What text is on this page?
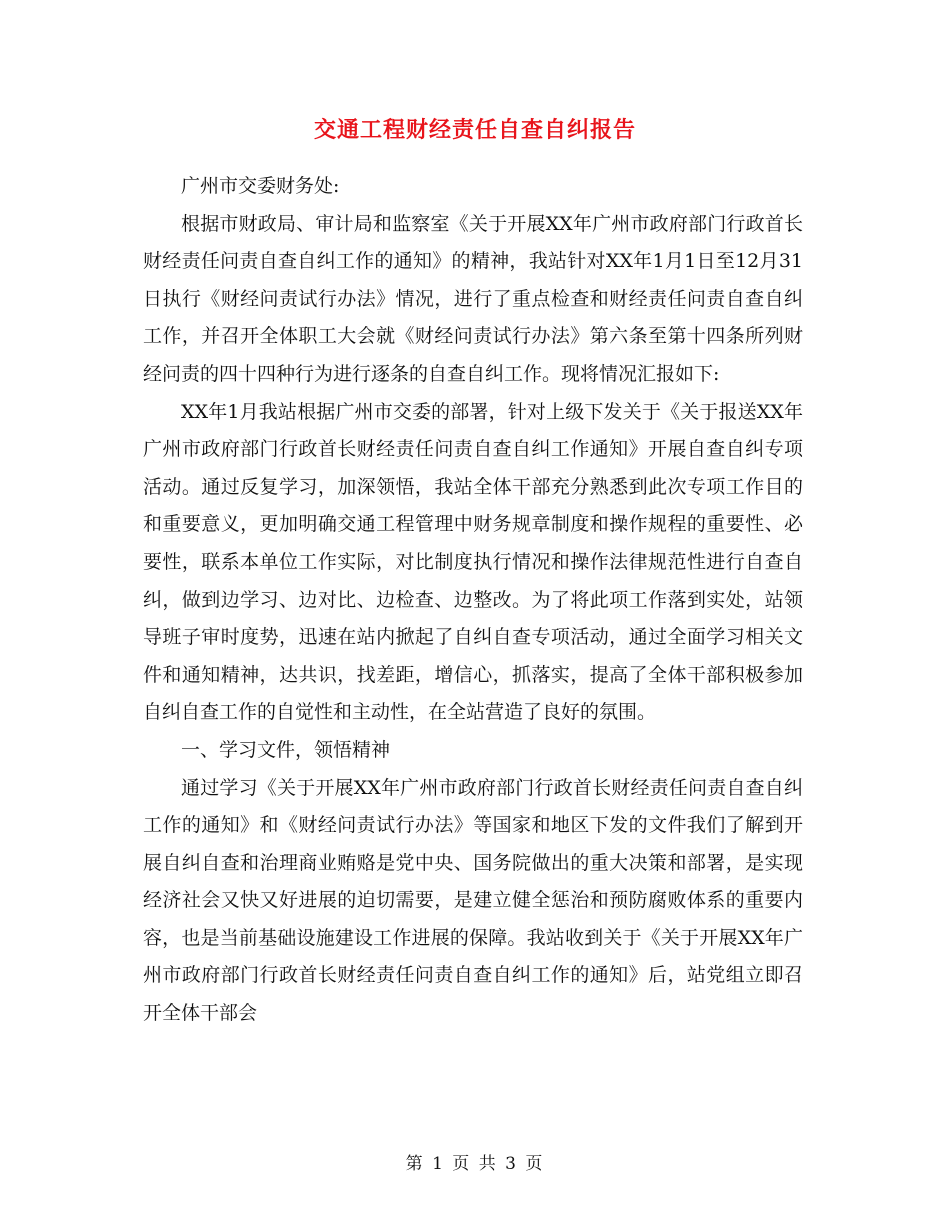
交通工程财经责任自查自纠报告

广州市交委财务处:

根据市财政局、审计局和监察室《关于开展XX年广州市政府部门行政首长财经责任问责自查自纠工作的通知》的精神，我站针对XX年1月1日至12月31日执行《财经问责试行办法》情况，进行了重点检查和财经责任问责自查自纠工作，并召开全体职工大会就《财经问责试行办法》第六条至第十四条所列财经问责的四十四种行为进行逐条的自查自纠工作。现将情况汇报如下:

XX年1月我站根据广州市交委的部署，针对上级下发关于《关于报送XX年广州市政府部门行政首长财经责任问责自查自纠工作通知》开展自查自纠专项活动。通过反复学习，加深领悟，我站全体干部充分熟悉到此次专项工作目的和重要意义，更加明确交通工程管理中财务规章制度和操作规程的重要性、必要性，联系本单位工作实际，对比制度执行情况和操作法律规范性进行自查自纠，做到边学习、边对比、边检查、边整改。为了将此项工作落到实处，站领导班子审时度势，迅速在站内掀起了自纠自查专项活动，通过全面学习相关文件和通知精神，达共识，找差距，增信心，抓落实，提高了全体干部积极参加自纠自查工作的自觉性和主动性，在全站营造了良好的氛围。

一、学习文件，领悟精神

通过学习《关于开展XX年广州市政府部门行政首长财经责任问责自查自纠工作的通知》和《财经问责试行办法》等国家和地区下发的文件我们了解到开展自纠自查和治理商业贿赂是党中央、国务院做出的重大决策和部署，是实现经济社会又快又好进展的迫切需要，是建立健全惩治和预防腐败体系的重要内容，也是当前基础设施建设工作进展的保障。我站收到关于《关于开展XX年广州市政府部门行政首长财经责任问责自查自纠工作的通知》后，站党组立即召开全体干部会

第 1 页 共 3 页
